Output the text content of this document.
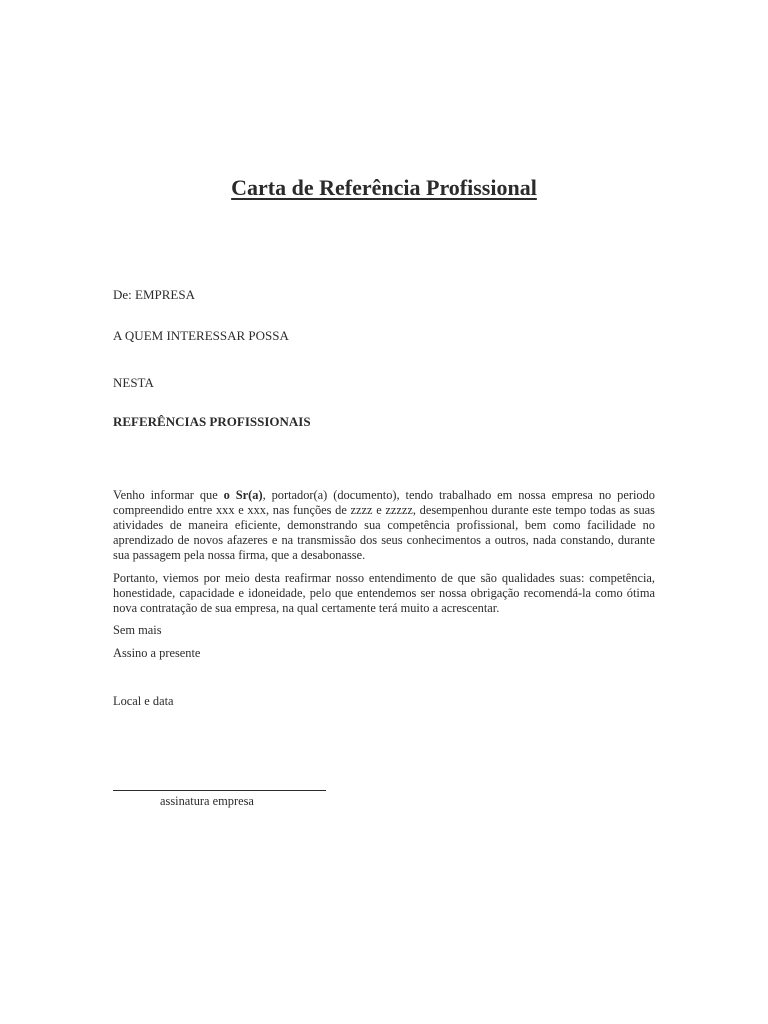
Carta de Referência Profissional
De: EMPRESA
A QUEM INTERESSAR POSSA
NESTA
REFERÊNCIAS PROFISSIONAIS
Venho informar que o Sr(a), portador(a) (documento), tendo trabalhado em nossa empresa no periodo compreendido entre xxx e xxx, nas funções de zzzz e zzzzz, desempenhou durante este tempo todas as suas atividades de maneira eficiente, demonstrando sua competência profissional, bem como facilidade no aprendizado de novos afazeres e na transmissão dos seus conhecimentos a outros, nada constando, durante sua passagem pela nossa firma, que a desabonasse.
Portanto, viemos por meio desta reafirmar nosso entendimento de que são qualidades suas: competência, honestidade, capacidade e idoneidade, pelo que entendemos ser nossa obrigação recomendá-la como ótima nova contratação de sua empresa, na qual certamente terá muito a acrescentar.
Sem mais
Assino a presente
Local e data
assinatura empresa
